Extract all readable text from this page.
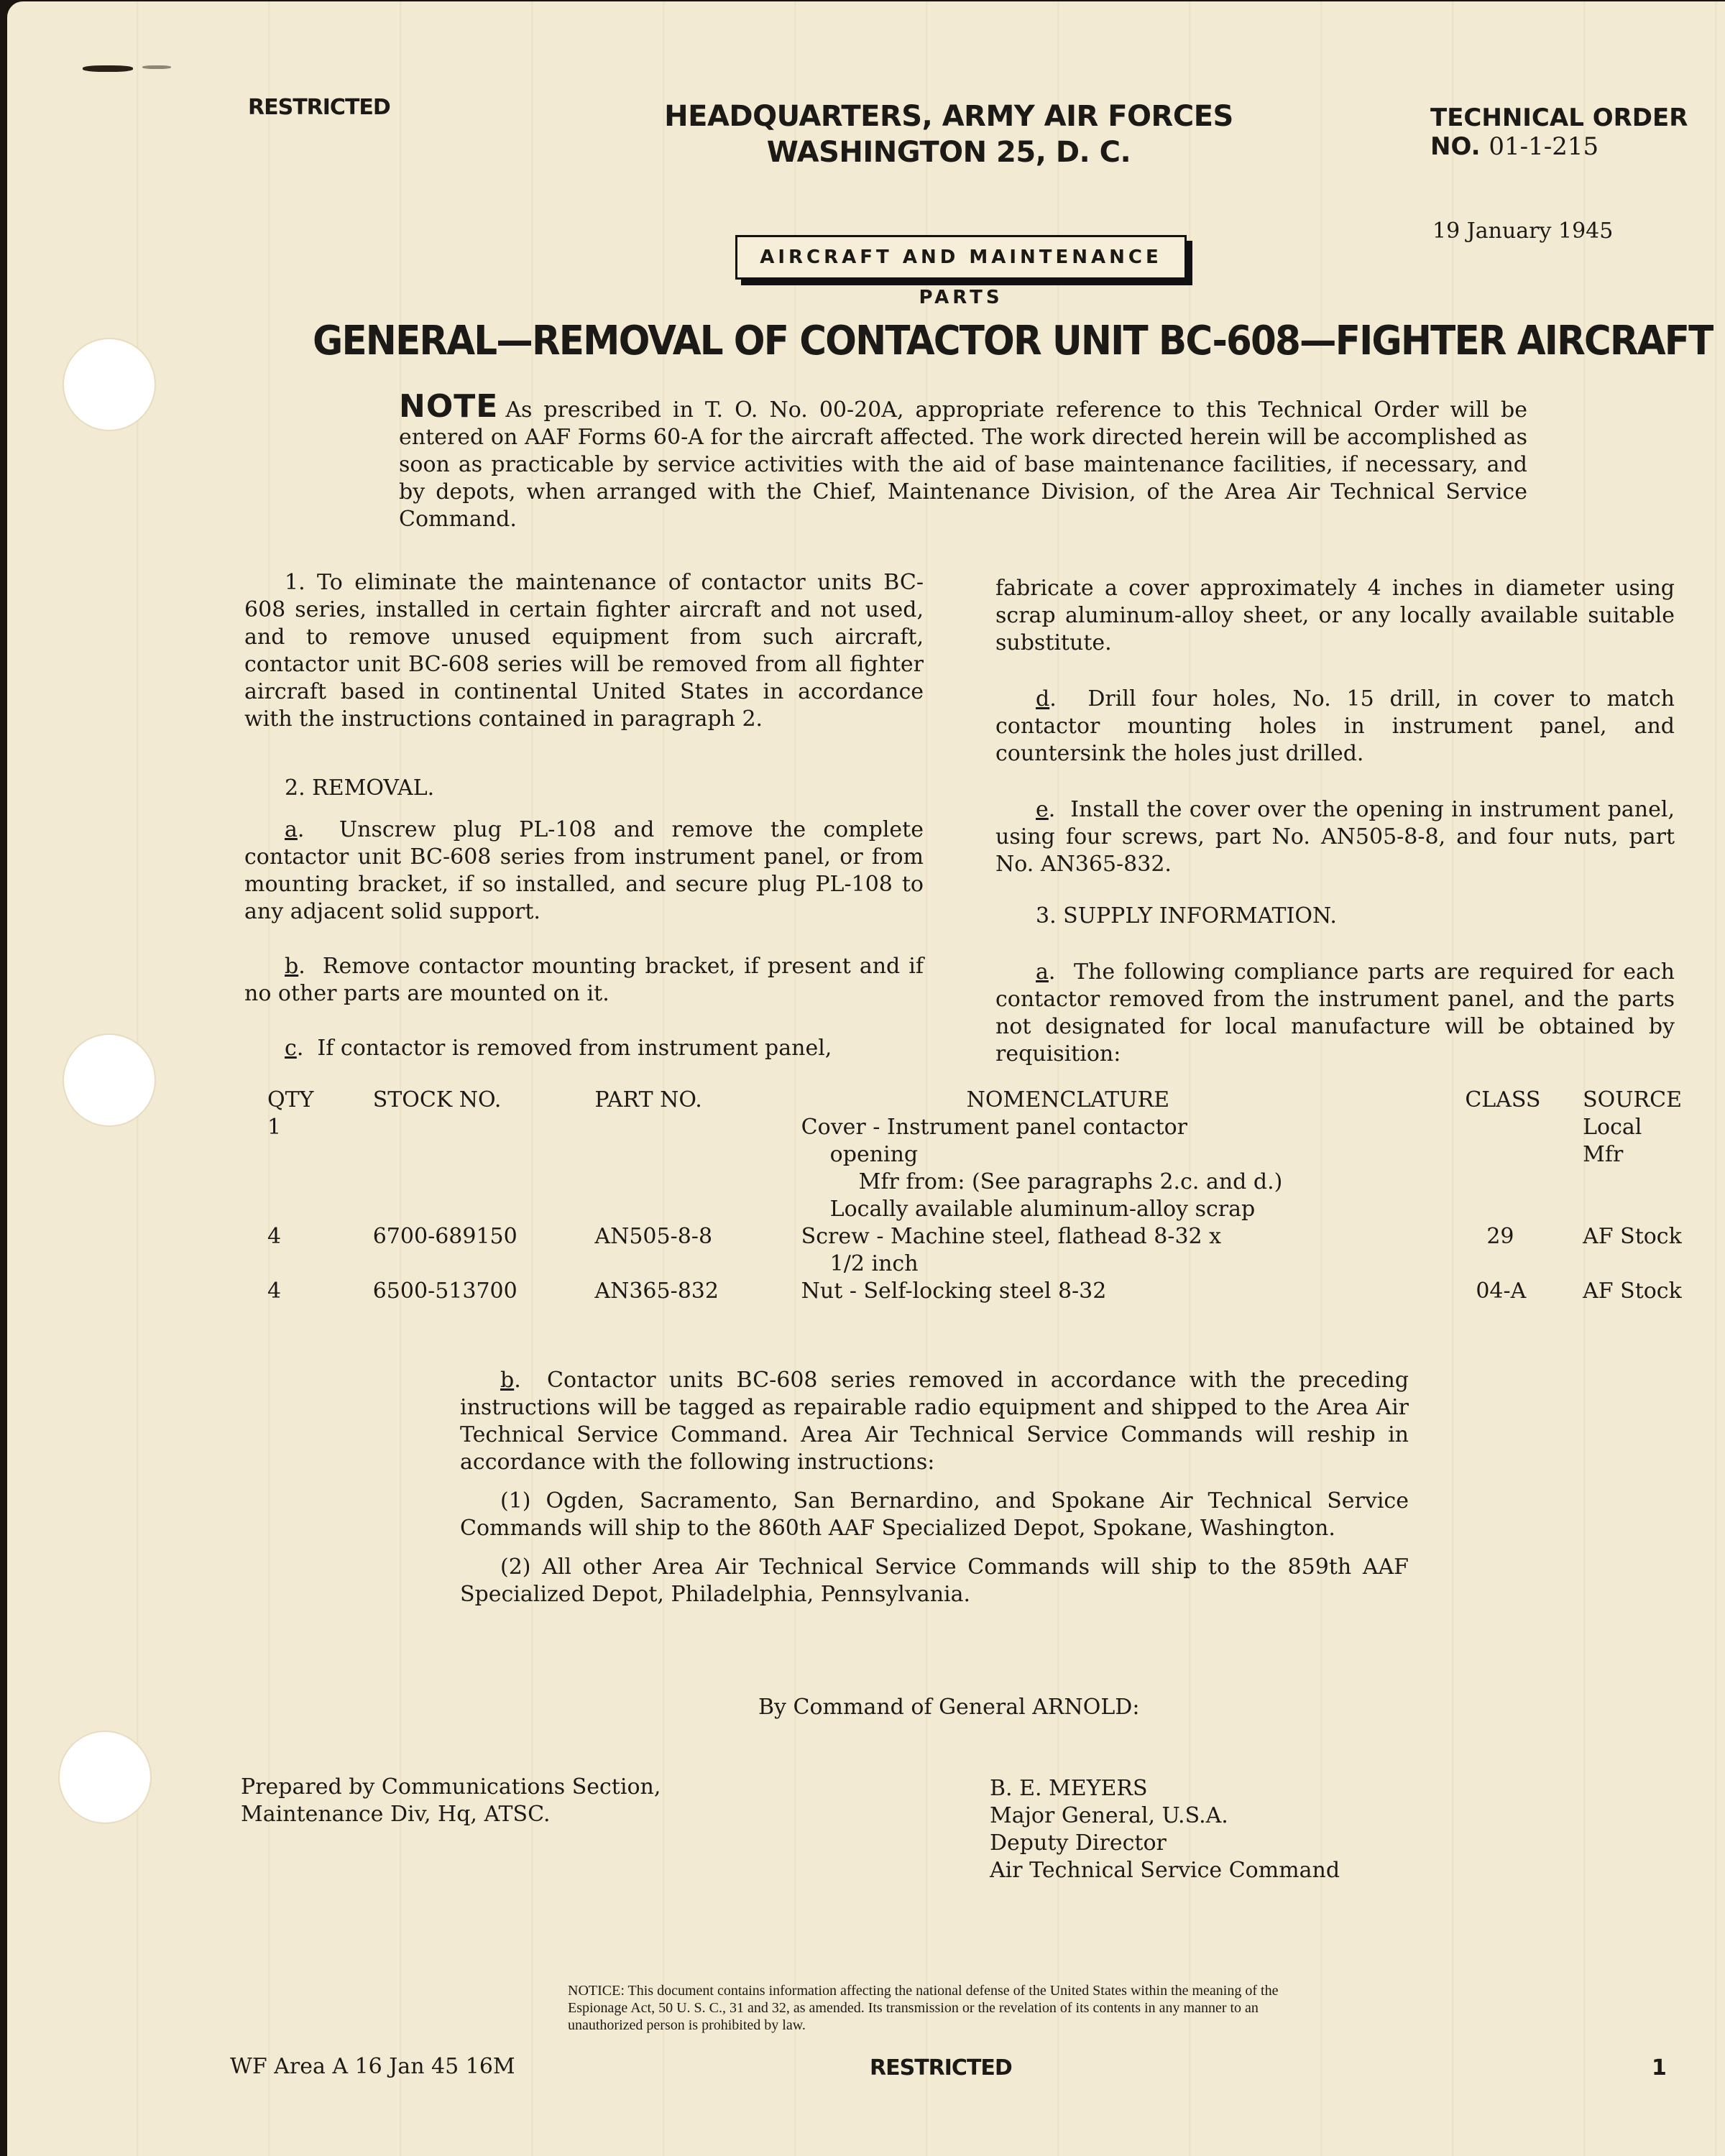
RESTRICTED	HEADQUARTERS, ARMY AIR FORCES
WASHINGTON 25, D. C.
TECHNICAL ORDER
NO. 01-1-215
19 January 1945
AIRCRAFT AND MAINTENANCE PARTS
GENERAL—REMOVAL OF CONTACTOR UNIT BC-608—FIGHTER AIRCRAFT
NOTE As prescribed in T. O. No. 00-20A, appropriate reference to this Technical Order will be entered on AAF Forms 60-A for the aircraft affected. The work directed herein will be accomplished as soon as practicable by service activities with the aid of base maintenance facilities, if necessary, and by depots, when arranged with the Chief, Maintenance Division, of the Area Air Technical Service Command.

1. To eliminate the maintenance of contactor units BC-608 series, installed in certain fighter aircraft and not used, and to remove unused equipment from such aircraft, contactor unit BC-608 series will be removed from all fighter aircraft based in continental United States in accordance with the instructions contained in paragraph 2.

2. REMOVAL.

a.  Unscrew plug PL-108 and remove the complete contactor unit BC-608 series from instrument panel, or from mounting bracket, if so installed, and secure plug PL-108 to any adjacent solid support.

b.  Remove contactor mounting bracket, if present and if no other parts are mounted on it.

c.  If contactor is removed from instrument panel,

fabricate a cover approximately 4 inches in diameter using scrap aluminum-alloy sheet, or any locally available suitable substitute.

d.  Drill four holes, No. 15 drill, in cover to match contactor mounting holes in instrument panel, and countersink the holes just drilled.

e.  Install the cover over the opening in instrument panel, using four screws, part No. AN505-8-8, and four nuts, part No. AN365-832.

3. SUPPLY INFORMATION.

a.  The following compliance parts are required for each contactor removed from the instrument panel, and the parts not designated for local manufacture will be obtained by requisition:

QTY	STOCK NO.	PART NO.	NOMENCLATURE	CLASS	SOURCE
1			Cover - Instrument panel contactor
opening
Mfr from: (See paragraphs 2.c. and d.)
Locally available aluminum-alloy scrap		Local Mfr
4	6700-689150	AN505-8-8	Screw - Machine steel, flathead 8-32 x
1/2 inch	29	AF Stock
4	6500-513700	AN365-832	Nut - Self-locking steel 8-32	04-A	AF Stock

b.  Contactor units BC-608 series removed in accordance with the preceding instructions will be tagged as repairable radio equipment and shipped to the Area Air Technical Service Command. Area Air Technical Service Commands will reship in accordance with the following instructions:

(1) Ogden, Sacramento, San Bernardino, and Spokane Air Technical Service Commands will ship to the 860th AAF Specialized Depot, Spokane, Washington.

(2) All other Area Air Technical Service Commands will ship to the 859th AAF Specialized Depot, Philadelphia, Pennsylvania.

By Command of General ARNOLD:
Prepared by Communications Section,
Maintenance Div, Hq, ATSC.
B. E. MEYERS
Major General, U.S.A.
Deputy Director
Air Technical Service Command
NOTICE: This document contains information affecting the national defense of the United States within the meaning of the Espionage Act, 50 U. S. C., 31 and 32, as amended. Its transmission or the revelation of its contents in any manner to an unauthorized person is prohibited by law.
WF Area A 16 Jan 45 16M	RESTRICTED	1
